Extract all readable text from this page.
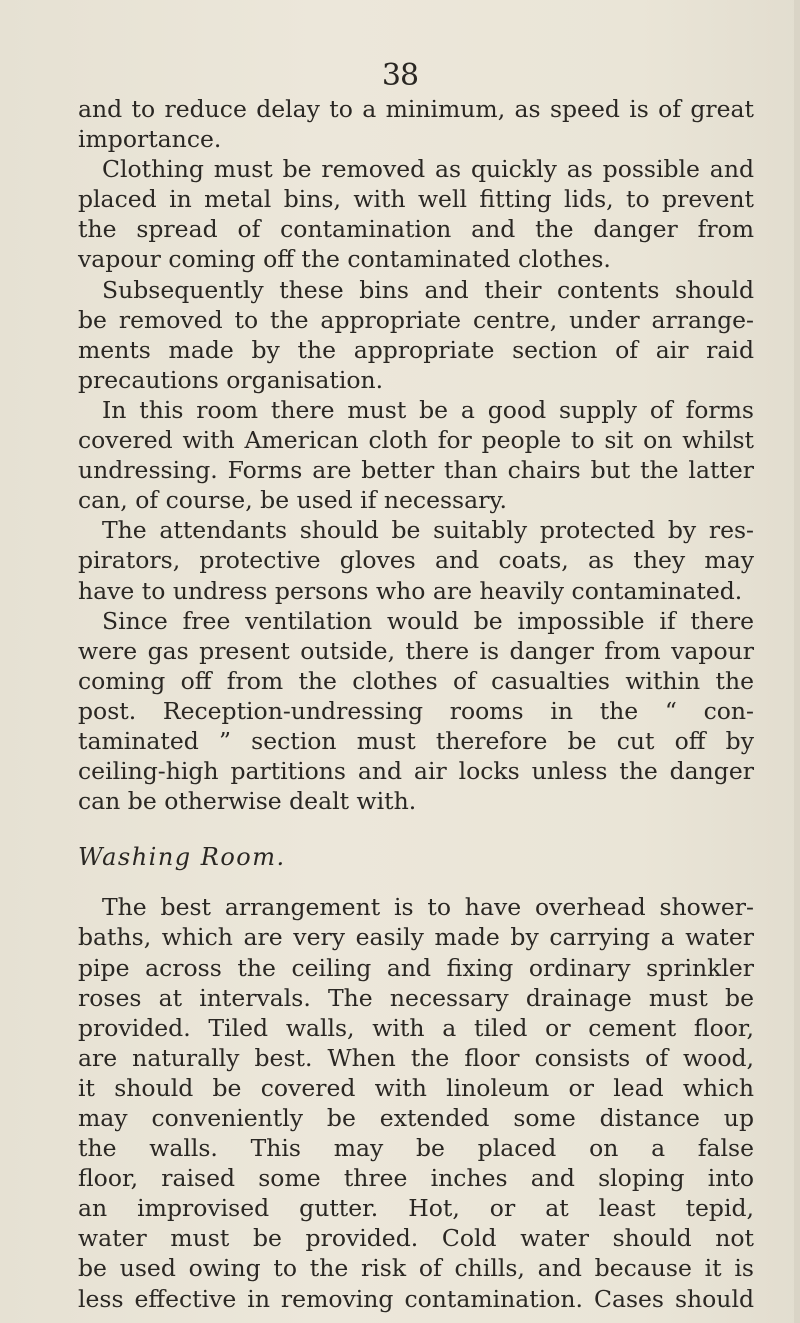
38
and to reduce delay to a minimum, as speed is of great
importance.
Clothing must be removed as quickly as possible and
placed in metal bins, with well fitting lids, to prevent
the spread of contamination and the danger from
vapour coming off the contaminated clothes.
Subsequently these bins and their contents should
be removed to the appropriate centre, under arrange-
ments made by the appropriate section of air raid
precautions organisation.
In this room there must be a good supply of forms
covered with American cloth for people to sit on whilst
undressing. Forms are better than chairs but the latter
can, of course, be used if necessary.
The attendants should be suitably protected by res-
pirators, protective gloves and coats, as they may
have to undress persons who are heavily contaminated.
Since free ventilation would be impossible if there
were gas present outside, there is danger from vapour
coming off from the clothes of casualties within the
post. Reception-undressing rooms in the “ con-
taminated ” section must therefore be cut off by
ceiling-high partitions and air locks unless the danger
can be otherwise dealt with.
Washing Room.
The best arrangement is to have overhead shower-
baths, which are very easily made by carrying a water
pipe across the ceiling and fixing ordinary sprinkler
roses at intervals. The necessary drainage must be
provided. Tiled walls, with a tiled or cement floor,
are naturally best. When the floor consists of wood,
it should be covered with linoleum or lead which
may conveniently be extended some distance up
the walls. This may be placed on a false
floor, raised some three inches and sloping into
an improvised gutter. Hot, or at least tepid,
water must be provided. Cold water should not
be used owing to the risk of chills, and because it is
less effective in removing contamination. Cases should
